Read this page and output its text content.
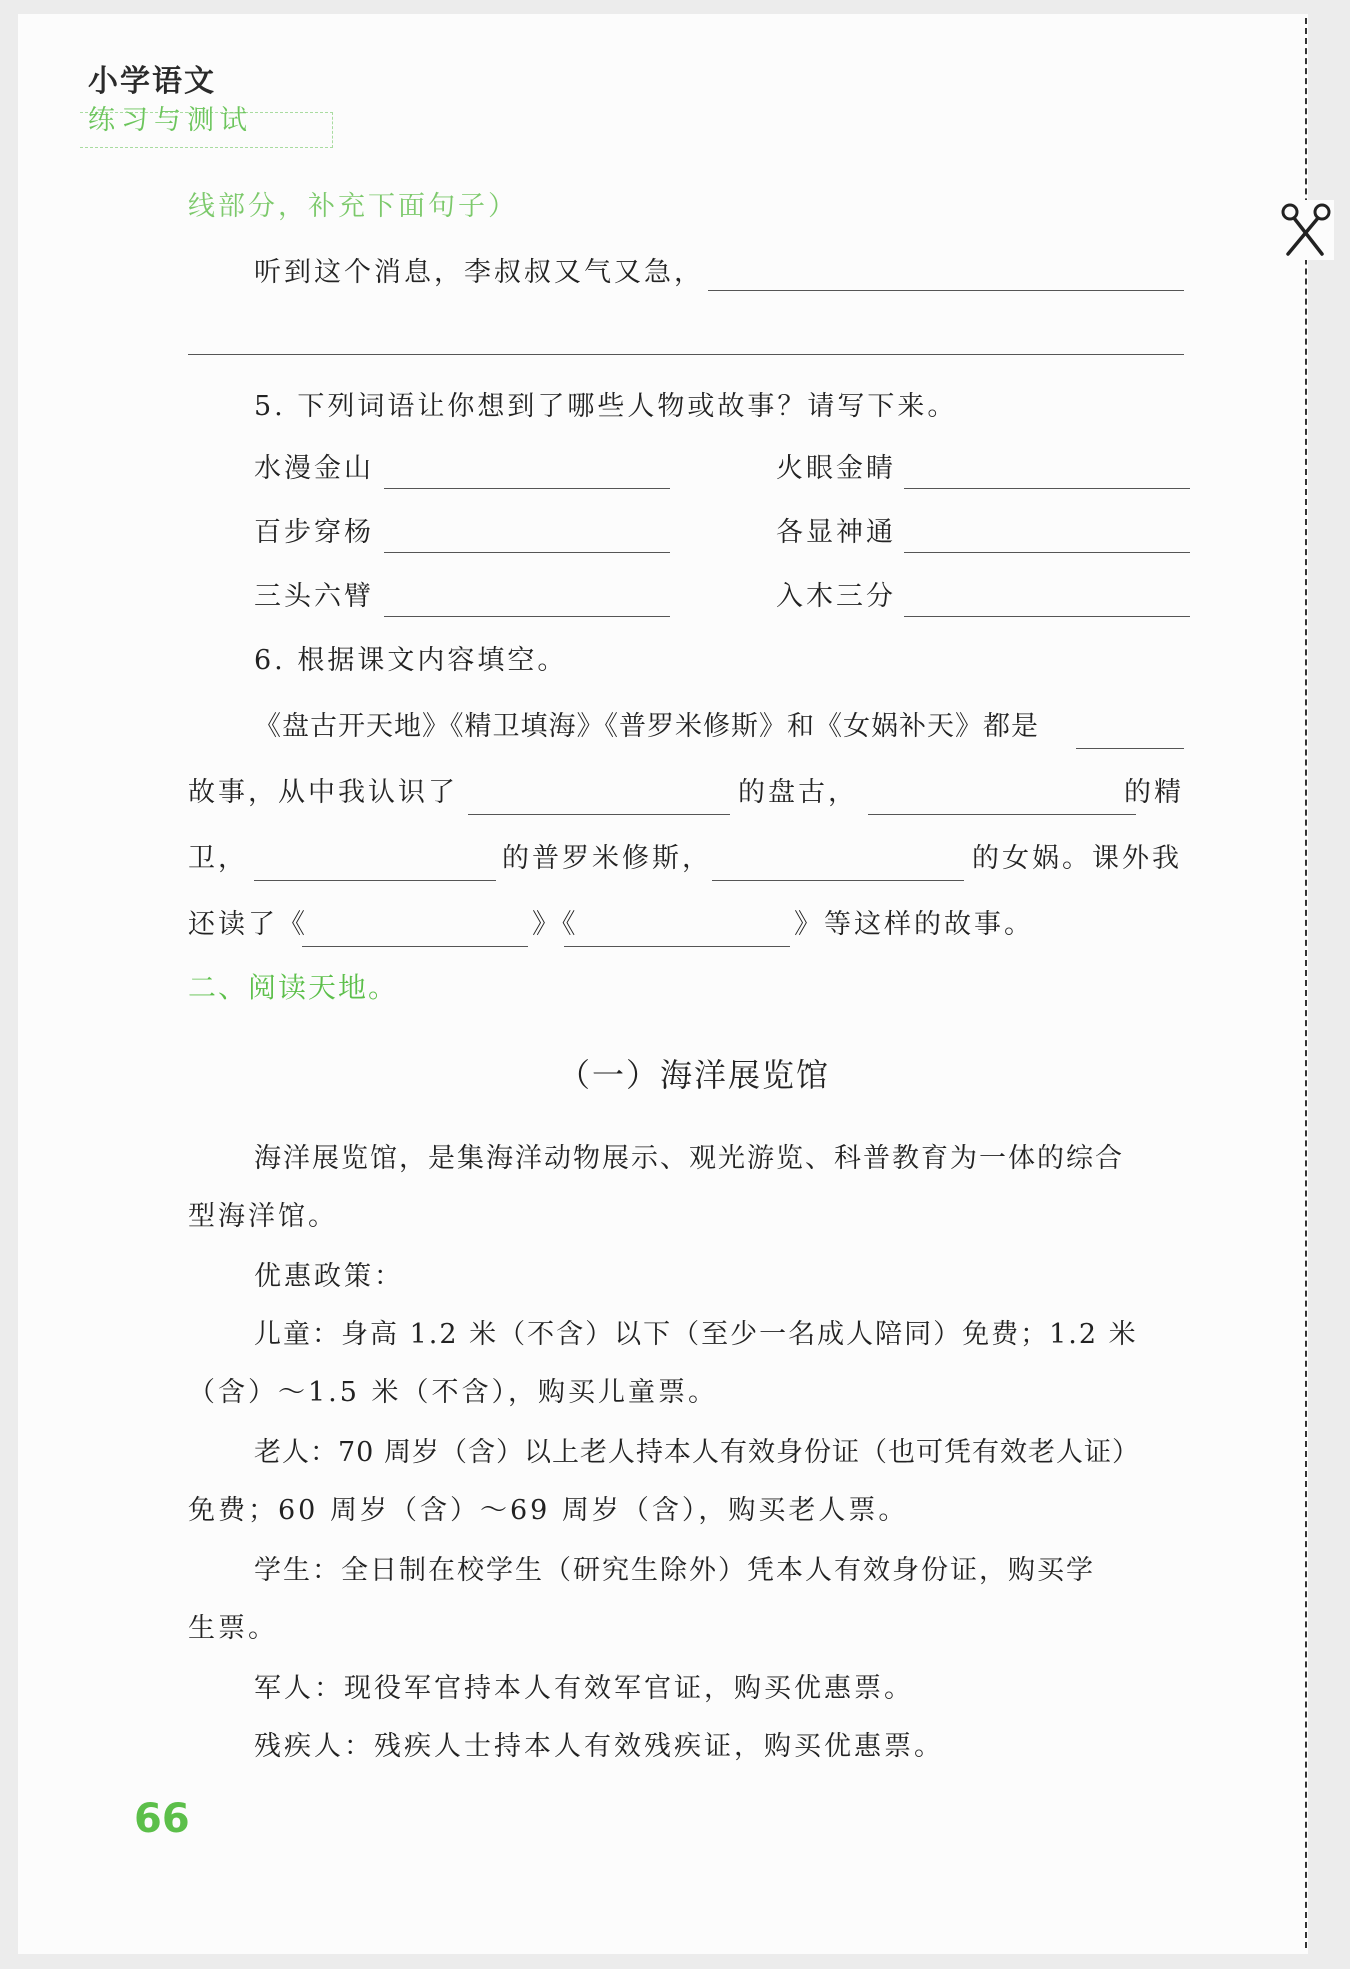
小学语文
练习与测试
线部分，补充下面句子）
听到这个消息，李叔叔又气又急，
5. 下列词语让你想到了哪些人物或故事？请写下来。
水漫金山	火眼金睛
百步穿杨	各显神通
三头六臂	入木三分
6. 根据课文内容填空。
《盘古开天地》《精卫填海》《普罗米修斯》和《女娲补天》都是
故事，从中我认识了	的盘古，	的精
卫，	的普罗米修斯，	的女娲。课外我
还读了《	》《	》等这样的故事。
二、阅读天地。
（一）海洋展览馆
海洋展览馆，是集海洋动物展示、观光游览、科普教育为一体的综合
型海洋馆。
优惠政策：
儿童：身高 1.2 米（不含）以下（至少一名成人陪同）免费；1.2 米
（含）～1.5 米（不含），购买儿童票。
老人：70 周岁（含）以上老人持本人有效身份证（也可凭有效老人证）
免费；60 周岁（含）～69 周岁（含），购买老人票。
学生：全日制在校学生（研究生除外）凭本人有效身份证，购买学
生票。
军人：现役军官持本人有效军官证，购买优惠票。
残疾人：残疾人士持本人有效残疾证，购买优惠票。
66
